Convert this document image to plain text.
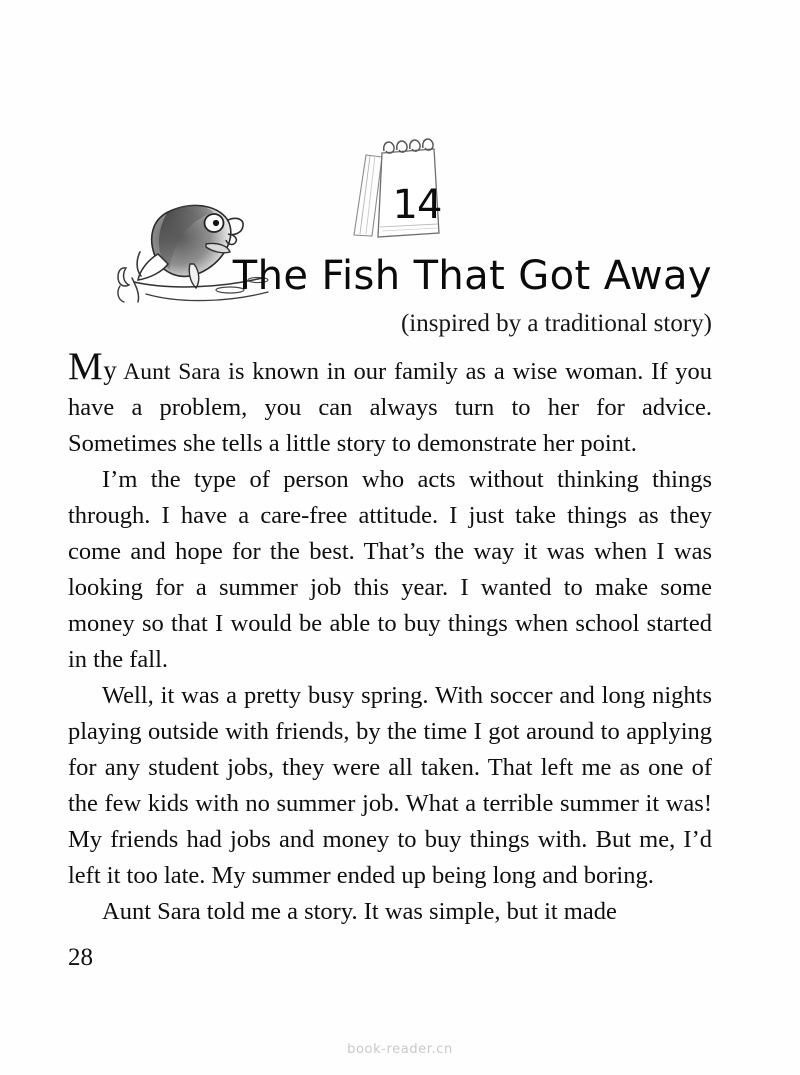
14
The Fish That Got Away
(inspired by a traditional story)

My Aunt Sara is known in our family as a wise woman. If you have a problem, you can always turn to her for advice. Sometimes she tells a little story to demonstrate her point.

I’m the type of person who acts without thinking things through. I have a care-free attitude. I just take things as they come and hope for the best. That’s the way it was when I was looking for a summer job this year. I wanted to make some money so that I would be able to buy things when school started in the fall.

Well, it was a pretty busy spring. With soccer and long nights playing outside with friends, by the time I got around to applying for any student jobs, they were all taken. That left me as one of the few kids with no summer job. What a terrible summer it was! My friends had jobs and money to buy things with. But me, I’d left it too late. My summer ended up being long and boring.

Aunt Sara told me a story. It was simple, but it made

28
book-reader.cn
